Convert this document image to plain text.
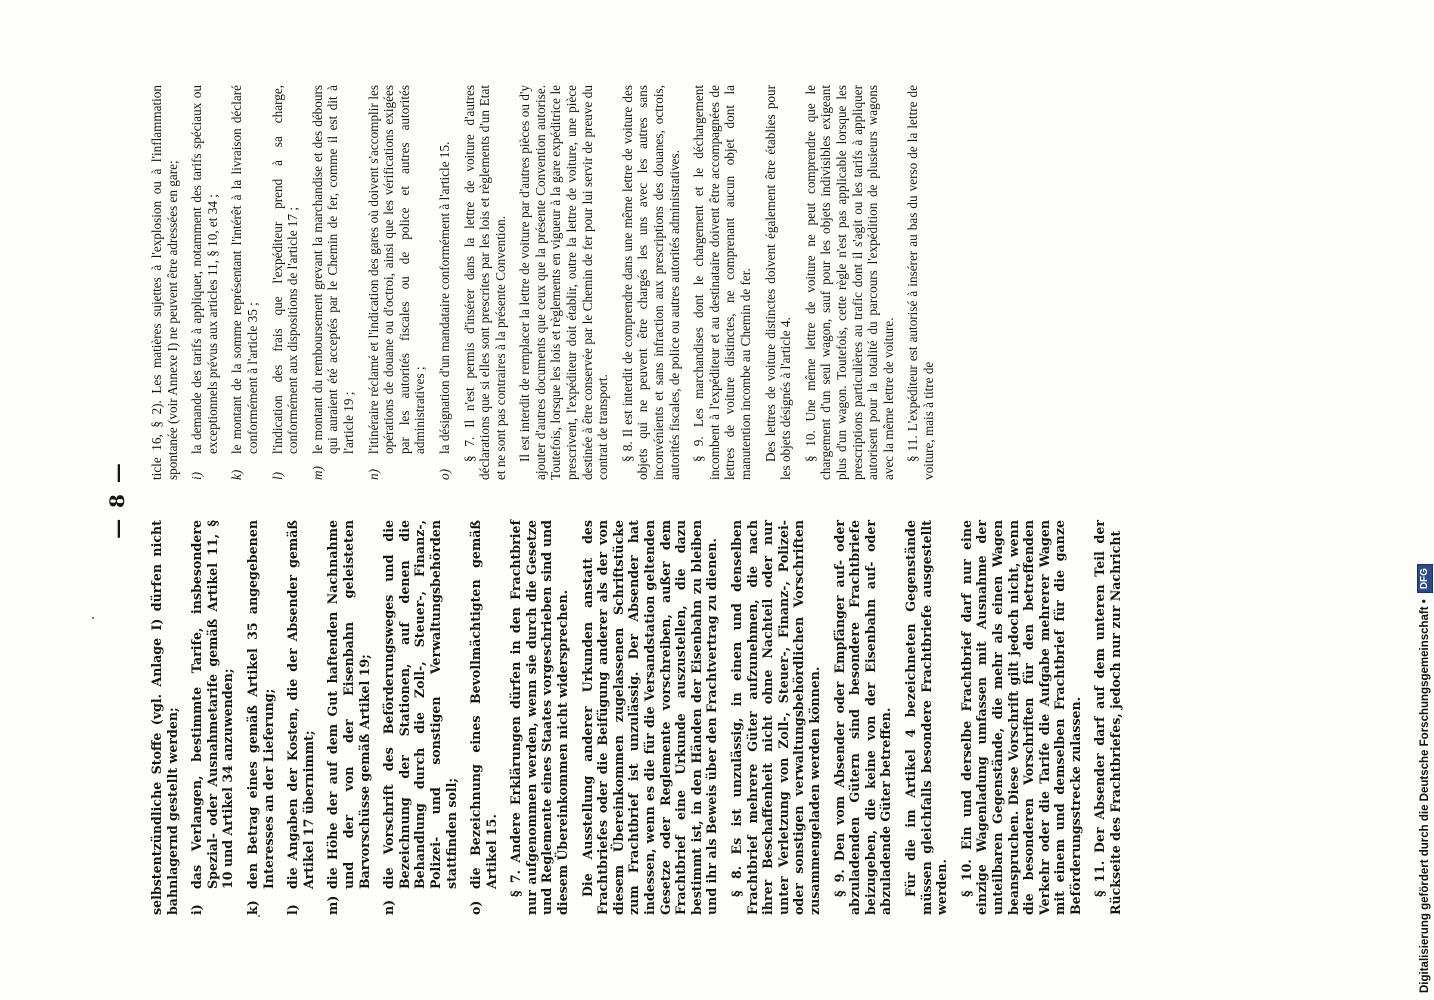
— 8 —

selbstentzündliche Stoffe (vgl. Anlage I) dürfen nicht bahnlagernd gestellt werden; i)
das Verlangen, bestimmte Tarife, insbesondere Spezial- oder Ausnahmetarife gemäß Artikel 11, § 10 und Artikel 34 anzuwenden;
k)
den Betrag eines gemäß Artikel 35 angegebenen Interesses an der Lieferung;
l)
die Angaben der Kosten, die der Absender gemäß Artikel 17 übernimmt;
m)
die Höhe der auf dem Gut haftenden Nachnahme und der von der Eisenbahn geleisteten Barvorschüsse gemäß Artikel 19;
n)
die Vorschrift des Beförderungsweges und die Bezeichnung der Stationen, auf denen die Behandlung durch die Zoll-, Steuer-, Finanz-, Polizei- und sonstigen Verwaltungsbehörden stattfinden soll;
o)
die Bezeichnung eines Bevollmächtigten gemäß Artikel 15. § 7. Andere Erklärungen dürfen in den Frachtbrief nur aufgenommen werden, wenn sie durch die Gesetze und Reglemente eines Staates vorgeschrieben sind und diesem Übereinkommen nicht widersprechen. Die Ausstellung anderer Urkunden anstatt des Frachtbriefes oder die Beifügung anderer als der von diesem Übereinkommen zugelassenen Schriftstücke zum Frachtbrief ist unzulässig. Der Absender hat indessen, wenn es die für die Versandstation geltenden Gesetze oder Reglemente vorschreiben, außer dem Frachtbrief eine Urkunde auszustellen, die dazu bestimmt ist, in den Händen der Eisenbahn zu bleiben und ihr als Beweis über den Frachtvertrag zu dienen. § 8. Es ist unzulässig, in einen und denselben Frachtbrief mehrere Güter aufzunehmen, die nach ihrer Beschaffenheit nicht ohne Nachteil oder nur unter Verletzung von Zoll-, Steuer-, Finanz-, Polizei- oder sonstigen verwaltungsbehördlichen Vorschriften zusammengeladen werden können. § 9. Den vom Absender oder Empfänger auf- oder abzuladenden Gütern sind besondere Frachtbriefe beizugeben, die keine von der Eisenbahn auf- oder abzuladende Güter betreffen. Für die im Artikel 4 bezeichneten Gegenstände müssen gleichfalls besondere Frachtbriefe ausgestellt werden. § 10. Ein und derselbe Frachtbrief darf nur eine einzige Wagenladung umfassen mit Ausnahme der unteilbaren Gegenstände, die mehr als einen Wagen beanspruchen. Diese Vorschrift gilt jedoch nicht, wenn die besonderen Vorschriften für den betreffenden Verkehr oder die Tarife die Aufgabe mehrerer Wagen mit einem und demselben Frachtbrief für die ganze Beförderungsstrecke zulassen. § 11. Der Absender darf auf dem unteren Teil der Rückseite des Frachtbriefes, jedoch nur zur Nachricht

ticle 16, § 2). Les matières sujettes à l'explosion ou à l'inflammation spontanée (voir Annexe I) ne peuvent être adressées en gare; i)
la demande des tarifs à appliquer, notamment des tarifs spéciaux ou exceptionnels prévus aux articles 11, § 10, et 34 ;
k)
le montant de la somme représentant l'intérêt à la livraison déclaré conformément à l'article 35 ;
l)
l'indication des frais que l'expéditeur prend à sa charge, conformément aux dispositions de l'article 17 ;
m)
le montant du remboursement grevant la marchandise et des débours qui auraient été acceptés par le Chemin de fer, comme il est dit à l'article 19 ;
n)
l'itinéraire réclamé et l'indication des gares où doivent s'accomplir les opérations de douane ou d'octroi, ainsi que les vérifications exigées par les autorités fiscales ou de police et autres autorités administratives ;
o)
la désignation d'un mandataire conformément à l'article 15. § 7. Il n'est permis d'insérer dans la lettre de voiture d'autres déclarations que si elles sont prescrites par les lois et règlements d'un Etat et ne sont pas contraires à la présente Convention. Il est interdit de remplacer la lettre de voiture par d'autres pièces ou d'y ajouter d'autres documents que ceux que la présente Convention autorise. Toutefois, lorsque les lois et règlements en vigueur à la gare expéditrice le prescrivent, l'expéditeur doit établir, outre la lettre de voiture, une pièce destinée à être conservée par le Chemin de fer pour lui servir de preuve du contrat de transport. § 8. Il est interdit de comprendre dans une même lettre de voiture des objets qui ne peuvent être chargés les uns avec les autres sans inconvénients et sans infraction aux prescriptions des douanes, octrois, autorités fiscales, de police ou autres autorités administratives. § 9. Les marchandises dont le chargement et le déchargement incombent à l'expéditeur et au destinataire doivent être accompagnées de lettres de voiture distinctes, ne comprenant aucun objet dont la manutention incombe au Chemin de fer. Des lettres de voiture distinctes doivent également être établies pour les objets désignés à l'article 4. § 10. Une même lettre de voiture ne peut comprendre que le chargement d'un seul wagon, sauf pour les objets indivisibles exigeant plus d'un wagon. Toutefois, cette règle n'est pas applicable lorsque les prescriptions particulières au trafic dont il s'agit ou les tarifs à appliquer autorisent pour la totalité du parcours l'expédition de plusieurs wagons avec la même lettre de voiture. § 11. L'expéditeur est autorisé à insérer au bas du verso de la lettre de voiture, mais à titre de

Digitalisierung gefördert durch die Deutsche Forschungsgemeinschaft •
DFG
